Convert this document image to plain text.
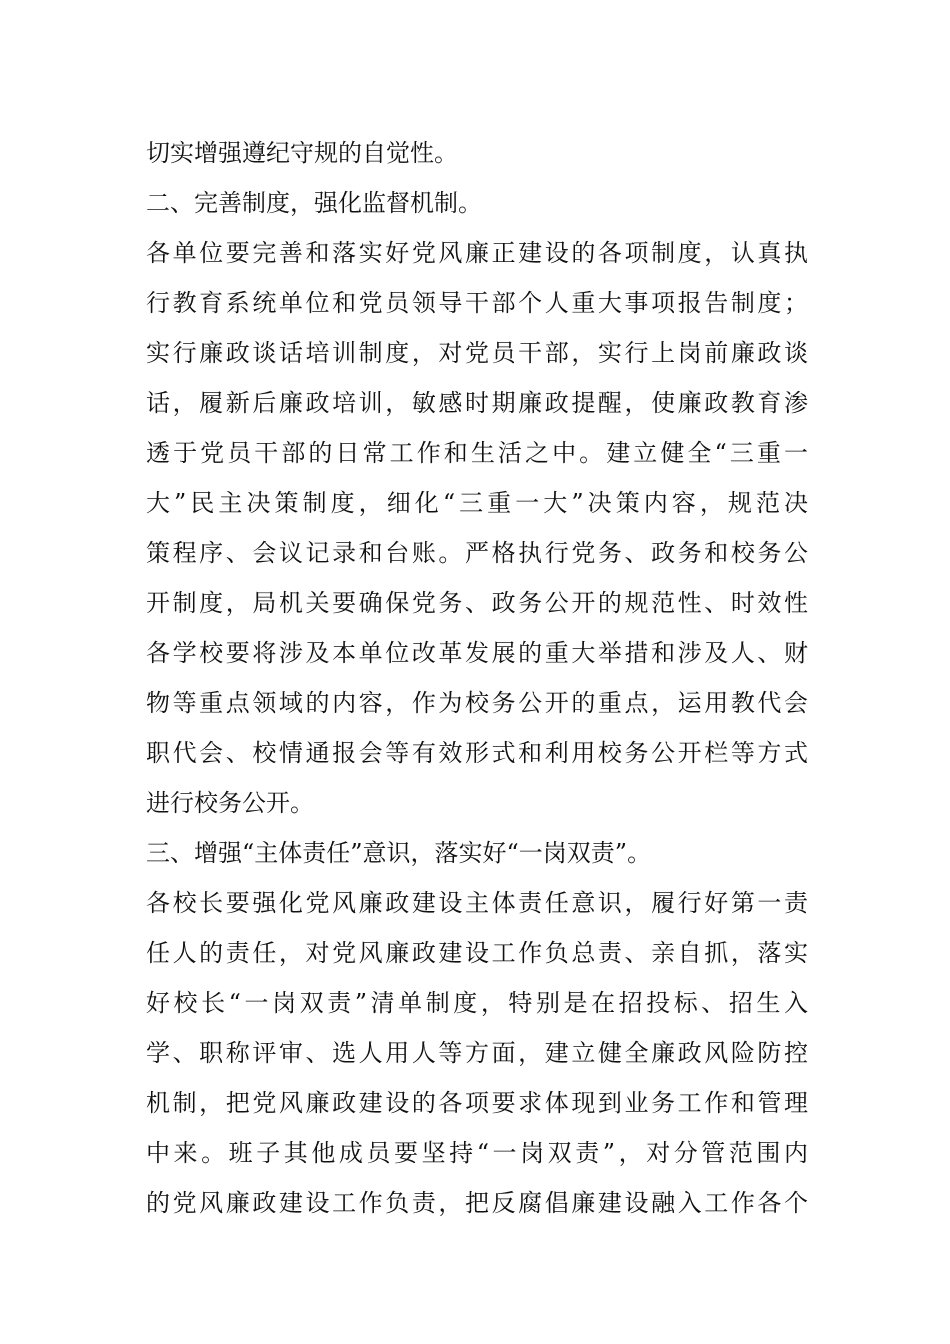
切实增强遵纪守规的自觉性。
二、完善制度，强化监督机制。
各单位要完善和落实好党风廉正建设的各项制度，认真执
行教育系统单位和党员领导干部个人重大事项报告制度；
实行廉政谈话培训制度，对党员干部，实行上岗前廉政谈
话，履新后廉政培训，敏感时期廉政提醒，使廉政教育渗
透于党员干部的日常工作和生活之中。建立健全“三重一
大”民主决策制度，细化“三重一大”决策内容，规范决
策程序、会议记录和台账。严格执行党务、政务和校务公
开制度，局机关要确保党务、政务公开的规范性、时效性
各学校要将涉及本单位改革发展的重大举措和涉及人、财
物等重点领域的内容，作为校务公开的重点，运用教代会
职代会、校情通报会等有效形式和利用校务公开栏等方式
进行校务公开。
三、增强“主体责任”意识，落实好“一岗双责”。
各校长要强化党风廉政建设主体责任意识，履行好第一责
任人的责任，对党风廉政建设工作负总责、亲自抓，落实
好校长“一岗双责”清单制度，特别是在招投标、招生入
学、职称评审、选人用人等方面，建立健全廉政风险防控
机制，把党风廉政建设的各项要求体现到业务工作和管理
中来。班子其他成员要坚持“一岗双责”，对分管范围内
的党风廉政建设工作负责，把反腐倡廉建设融入工作各个
